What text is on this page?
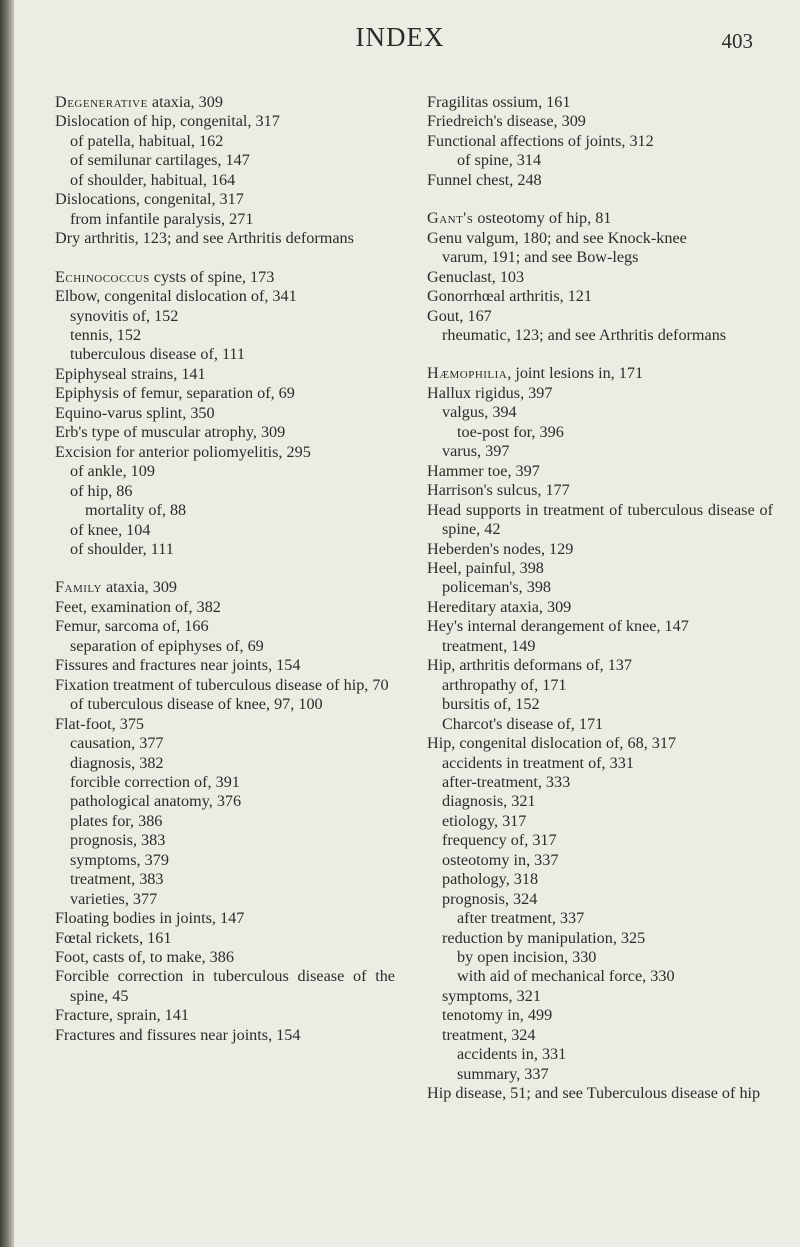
INDEX	403
Degenerative ataxia, 309
Dislocation of hip, congenital, 317
of patella, habitual, 162
of semilunar cartilages, 147
of shoulder, habitual, 164
Dislocations, congenital, 317
from infantile paralysis, 271
Dry arthritis, 123; and see Arthritis deformans
Echinococcus cysts of spine, 173
Elbow, congenital dislocation of, 341
synovitis of, 152
tennis, 152
tuberculous disease of, 111
Epiphyseal strains, 141
Epiphysis of femur, separation of, 69
Equino-varus splint, 350
Erb's type of muscular atrophy, 309
Excision for anterior poliomyelitis, 295
of ankle, 109
of hip, 86
mortality of, 88
of knee, 104
of shoulder, 111
Family ataxia, 309
Feet, examination of, 382
Femur, sarcoma of, 166
separation of epiphyses of, 69
Fissures and fractures near joints, 154
Fixation treatment of tuberculous disease of hip, 70
of tuberculous disease of knee, 97, 100
Flat-foot, 375
causation, 377
diagnosis, 382
forcible correction of, 391
pathological anatomy, 376
plates for, 386
prognosis, 383
symptoms, 379
treatment, 383
varieties, 377
Floating bodies in joints, 147
Fœtal rickets, 161
Foot, casts of, to make, 386
Forcible correction in tuberculous disease of the spine, 45
Fracture, sprain, 141
Fractures and fissures near joints, 154
Fragilitas ossium, 161
Friedreich's disease, 309
Functional affections of joints, 312
of spine, 314
Funnel chest, 248
Gant's osteotomy of hip, 81
Genu valgum, 180; and see Knock-knee
varum, 191; and see Bow-legs
Genuclast, 103
Gonorrhœal arthritis, 121
Gout, 167
rheumatic, 123; and see Arthritis deformans
Hæmophilia, joint lesions in, 171
Hallux rigidus, 397
valgus, 394
toe-post for, 396
varus, 397
Hammer toe, 397
Harrison's sulcus, 177
Head supports in treatment of tuberculous disease of spine, 42
Heberden's nodes, 129
Heel, painful, 398
policeman's, 398
Hereditary ataxia, 309
Hey's internal derangement of knee, 147
treatment, 149
Hip, arthritis deformans of, 137
arthropathy of, 171
bursitis of, 152
Charcot's disease of, 171
Hip, congenital dislocation of, 68, 317
accidents in treatment of, 331
after-treatment, 333
diagnosis, 321
etiology, 317
frequency of, 317
osteotomy in, 337
pathology, 318
prognosis, 324
after treatment, 337
reduction by manipulation, 325
by open incision, 330
with aid of mechanical force, 330
symptoms, 321
tenotomy in, 499
treatment, 324
accidents in, 331
summary, 337
Hip disease, 51; and see Tuberculous disease of hip
